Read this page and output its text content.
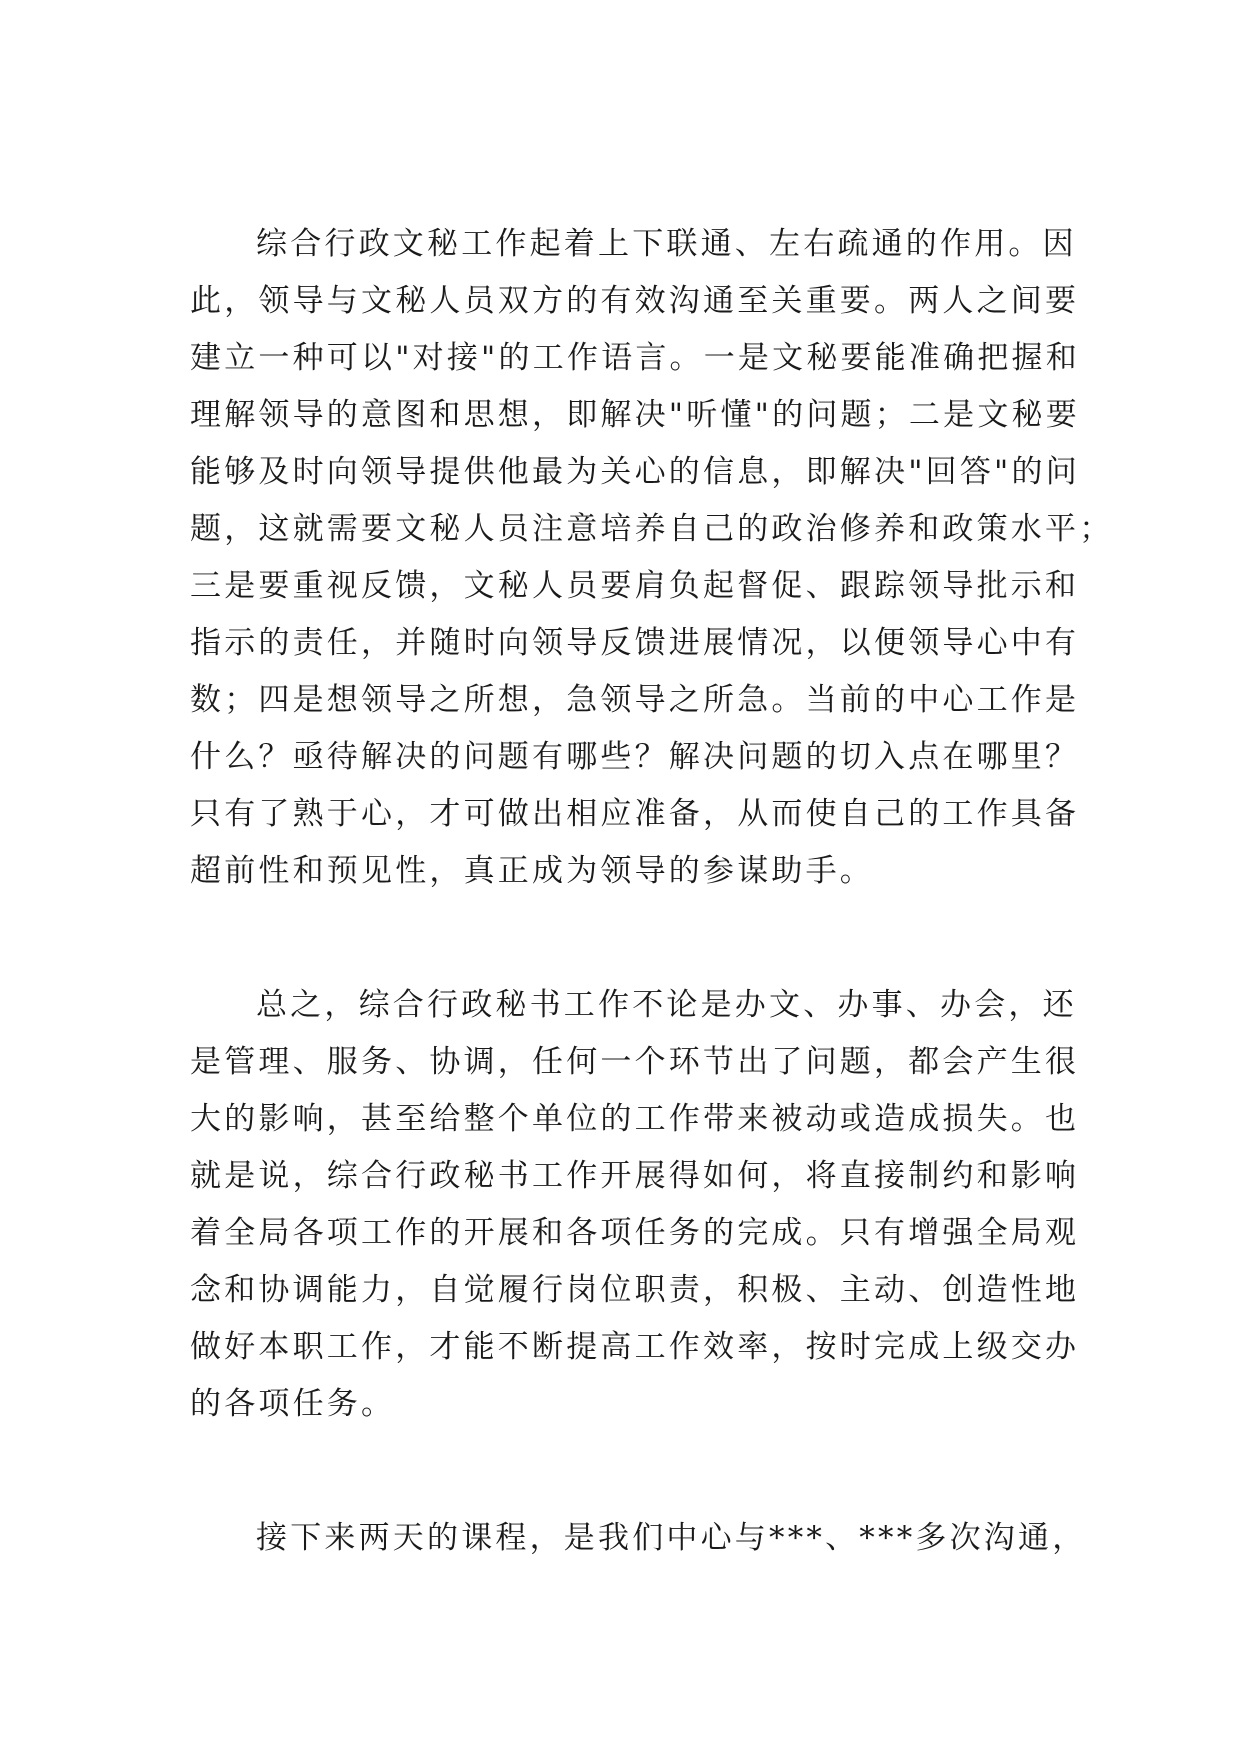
综合行政文秘工作起着上下联通、左右疏通的作用。因
此，领导与文秘人员双方的有效沟通至关重要。两人之间要
建立一种可以"对接"的工作语言。一是文秘要能准确把握和
理解领导的意图和思想，即解决"听懂"的问题；二是文秘要
能够及时向领导提供他最为关心的信息，即解决"回答"的问
题，这就需要文秘人员注意培养自己的政治修养和政策水平；
三是要重视反馈，文秘人员要肩负起督促、跟踪领导批示和
指示的责任，并随时向领导反馈进展情况，以便领导心中有
数；四是想领导之所想，急领导之所急。当前的中心工作是
什么？亟待解决的问题有哪些？解决问题的切入点在哪里？
只有了熟于心，才可做出相应准备，从而使自己的工作具备
超前性和预见性，真正成为领导的参谋助手。
总之，综合行政秘书工作不论是办文、办事、办会，还
是管理、服务、协调，任何一个环节出了问题，都会产生很
大的影响，甚至给整个单位的工作带来被动或造成损失。也
就是说，综合行政秘书工作开展得如何，将直接制约和影响
着全局各项工作的开展和各项任务的完成。只有增强全局观
念和协调能力，自觉履行岗位职责，积极、主动、创造性地
做好本职工作，才能不断提高工作效率，按时完成上级交办
的各项任务。
接下来两天的课程，是我们中心与***、***多次沟通，
